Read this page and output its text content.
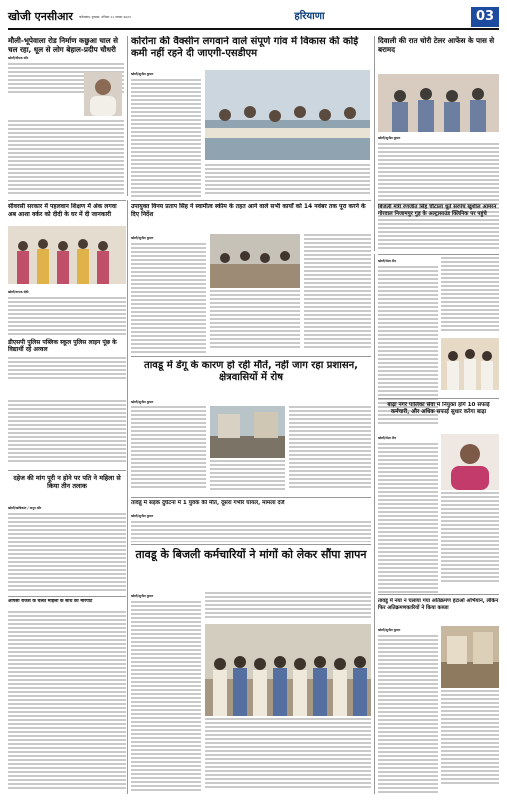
खोजी एनसीआर फरीदाबाद, गुरुग्राम, शनिवार 11 नवम्बर 2023	हरियाणा	03
मौली-भूपेवाला रोड निर्माण कछुआ चाल से चल रहा, धूल से लोग बेहाल-प्रदीप चौधरी
खोजी/दीपक कौर
कोरोना की वैक्सीन लगवाने वाले संपूर्ण गांव में विकास की कोई कमी नहीं रहने दी जाएगी-एसडीएम
खोजी/सुनील कुमार
दिवाली की रात चोरी टेलर आफेंस के पास से बरामद
खोजी/सुनील कुमार
सीवरसी सरकार में पहलवान शिक्षण में अंक लगवा अब आशा वर्कर को दीदी के घर में दी जानकारी
खोजी/रूपक सेठी
डीएसपी पुलिस पब्लिक स्कूल पुलिस लाइन पूंछ के विद्यार्थी रहे अव्वल
उपायुक्त विनय प्रताप सिंह ने स्वामीत्व स्कीम के तहत आने वाले सभी कार्यों को 14 नवंबर तक पूरा करने के दिए निर्देश
खोजी/सुनील कुमार
बिजली मंत्री रणजीत सिंह चौटाला धूर्त सरपंच खुशील आमरन गोरवाल निजामपुर गुड़ के अल्ट्रासाउंड क्लिनिक पर पहुंचे
खोजी/मेला टीम
तावडू में डेंगू के कारण हो रही मौतें, नहीं जाग रहा प्रशासन, क्षेत्रवासियों में रोष
खोजी/सुनील कुमार	बाढ़ा नगर पालिका सेवा में नियुक्त होंगे 10 सफाई कर्मचारी, और अधिक सफाई सुधार करेगा बाढ़ा
खोजी/मेला टीम
दहेज की मांग पूरी न होने पर पति ने महिला से किया तीन तलाक
खोजी/ऋषिकांत / अनूप कौर
आपसी रंजिश के चलते महिला के साथ की मारपीट
तावडू में सड़क दुर्घटना में 1 युवक की मौत, दूसरा गंभीर घायल, मामला दर्ज
खोजी/सुनील कुमार
तावडू के बिजली कर्मचारियों ने मांगों को लेकर सौंपा ज्ञापन
खोजी/सुनील कुमार
तावडू में नया न चलाया गया अतिक्रमण हटाओ अभियान, लेकिन फिर अतिक्रमणकारियों ने किया कब्जा
खोजी/सुनील कुमार
